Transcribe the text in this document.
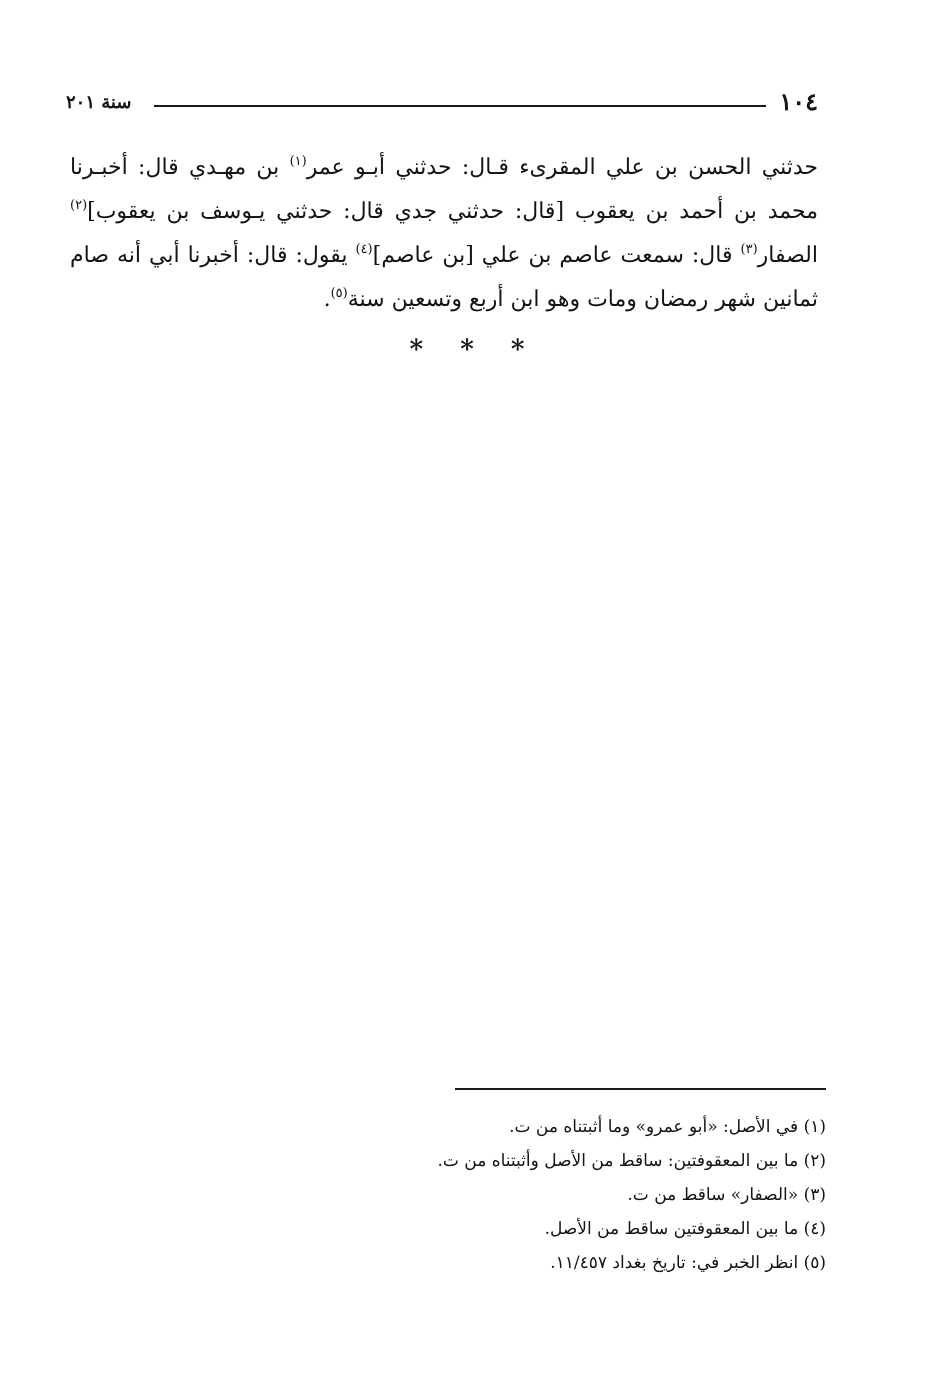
١٠٤
سنة ٢٠١

حدثني الحسن بن علي المقرىء قـال: حدثني أبـو عمر$^{(١)}$ بن مهـدي قال: أخبـرنا محمد بن أحمد بن يعقوب [قال: حدثني جدي قال: حدثني يـوسف بن يعقوب]$^{(٢)}$ الصفار$^{(٣)}$ قال: سمعت عاصم بن علي [بن عاصم]$^{(٤)}$ يقول: قال: أخبرنا أبي أنه صام ثمانين شهر رمضان ومات وهو ابن أربع وتسعين سنة$^{(٥)}$.

* * *
(١) في الأصل: «أبو عمرو» وما أثبتناه من ت.
(٢) ما بين المعقوفتين: ساقط من الأصل وأثبتناه من ت.
(٣) «الصفار» ساقط من ت.
(٤) ما بين المعقوفتين ساقط من الأصل.
(٥) انظر الخبر في: تاريخ بغداد ١١/٤٥٧.
